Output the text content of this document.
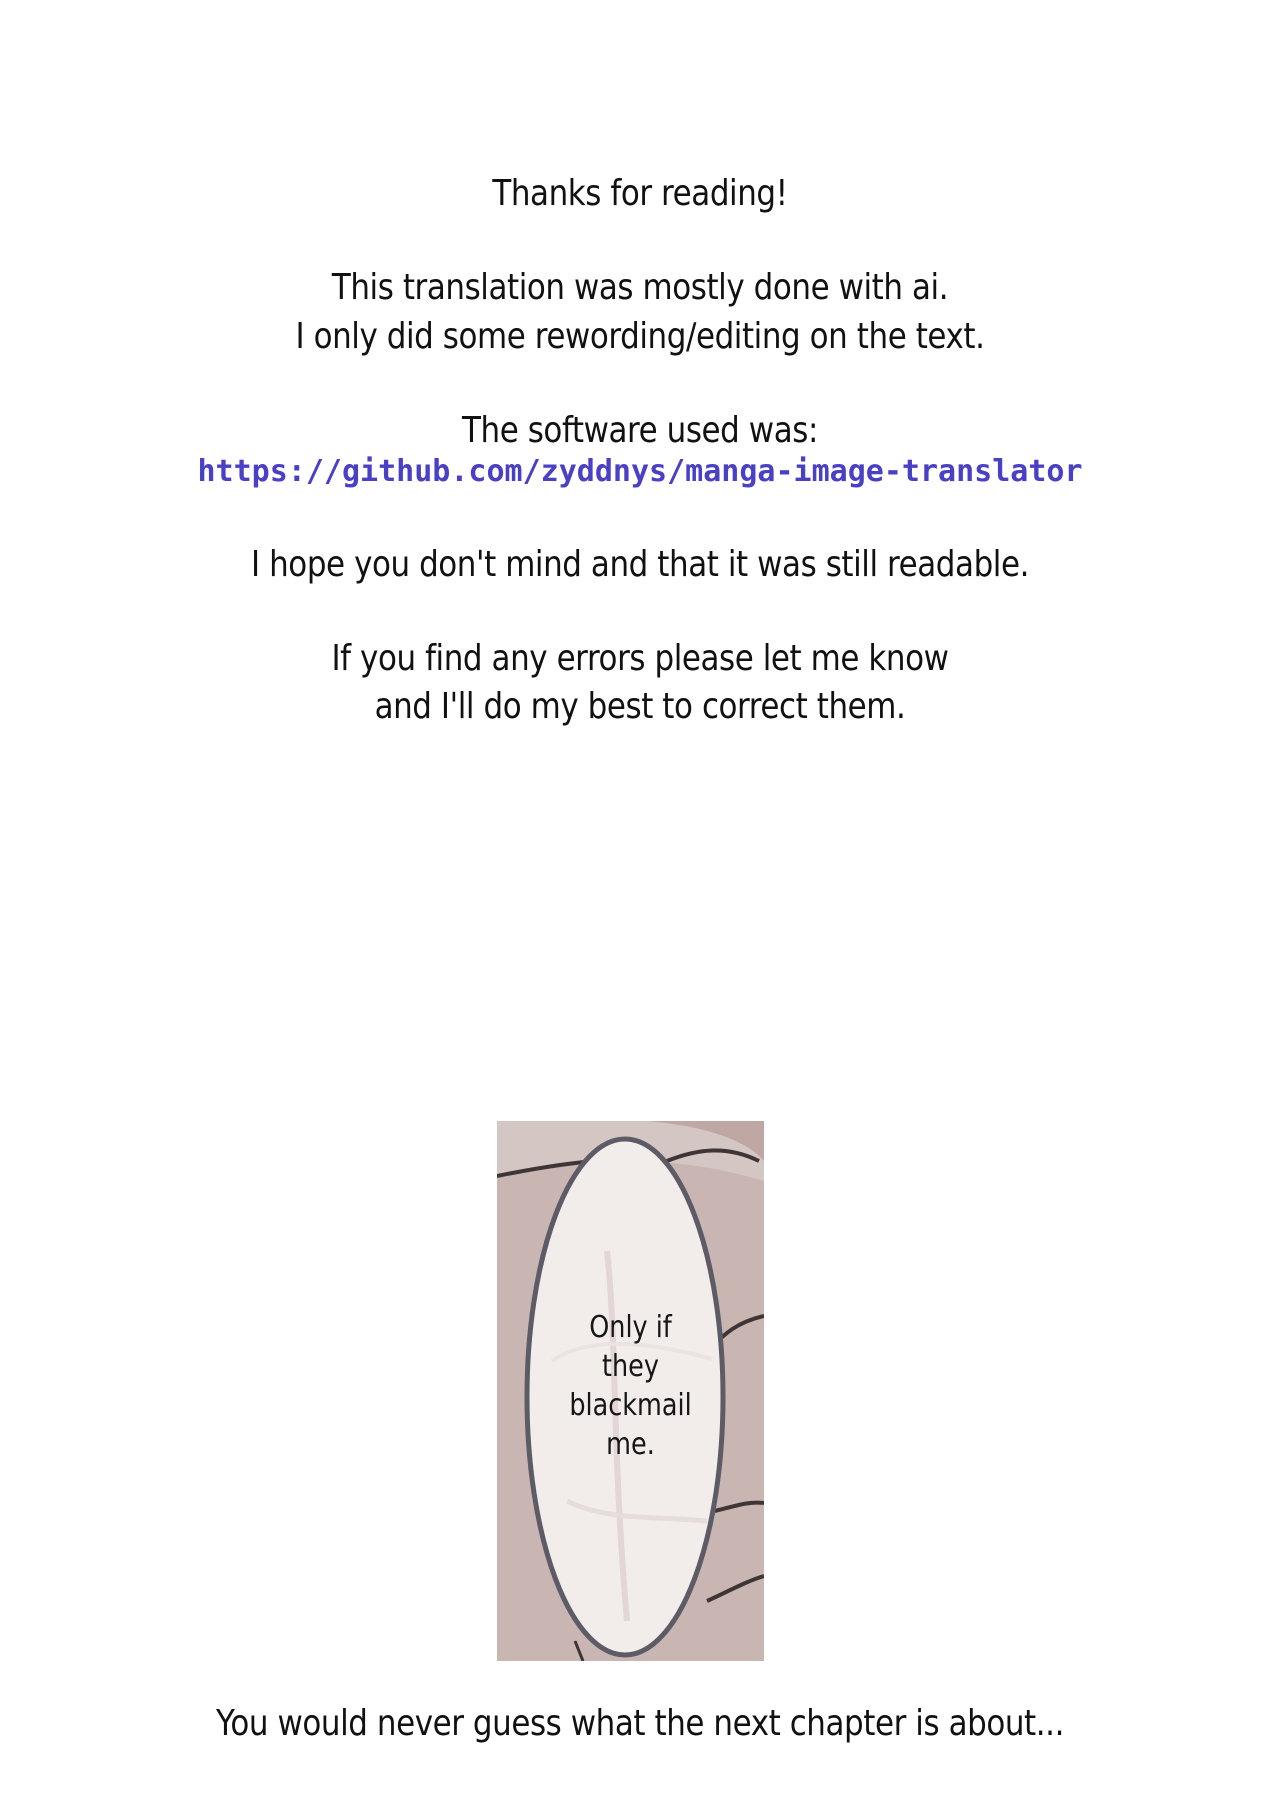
Thanks for reading!
This translation was mostly done with ai.
I only did some rewording/editing on the text.
The software used was:
https://github.com/zyddnys/manga-image-translator
I hope you don't mind and that it was still readable.
If you find any errors please let me know
and I'll do my best to correct them.
Only if
they
blackmail
me.
You would never guess what the next chapter is about...
